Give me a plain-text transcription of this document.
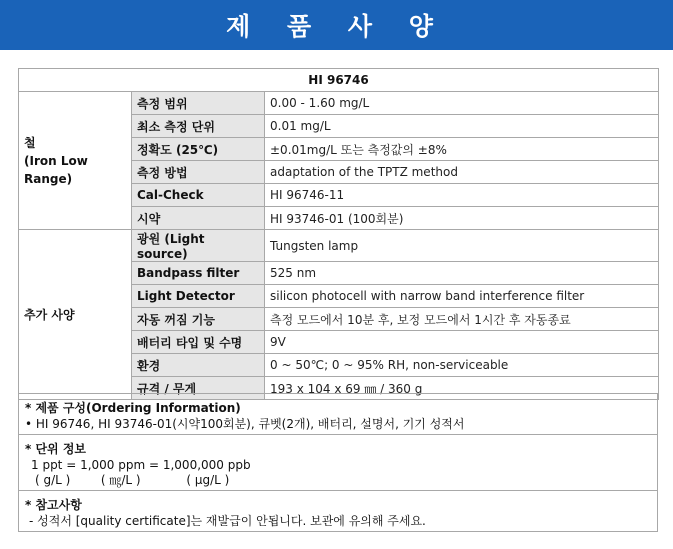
제 품 사 양
HI 96746		

철
(Iron Low Range)	측정 범위	0.00 - 1.60 mg/L
	최소 측정 단위	0.01 mg/L
	정확도 (25℃)	±0.01mg/L 또는 측정값의 ±8%
	측정 방법	adaptation of the TPTZ method
	Cal-Check	HI 96746-11
	시약	HI 93746-01 (100회분)

추가 사양	광원 (Light source)	Tungsten lamp
	Bandpass filter	525 nm
	Light Detector	silicon photocell with narrow band interference filter
	자동 꺼짐 기능	측정 모드에서 10분 후, 보정 모드에서 1시간 후 자동종료
	배터리 타입 및 수명	9V
	환경	0 ~ 50℃; 0 ~ 95% RH, non-serviceable
	규격 / 무게	193 x 104 x 69 ㎜ / 360 g
* 제품 구성(Ordering Information)
• HI 96746, HI 93746-01(시약100회분), 큐벳(2개), 배터리, 설명서, 기기 성적서

* 단위 정보
1 ppt = 1,000 ppm = 1,000,000 ppb
( g/L )        ( ㎎/L )            ( μg/L )

* 참고사항
- 성적서 [quality certificate]는 재발급이 안됩니다. 보관에 유의해 주세요.
